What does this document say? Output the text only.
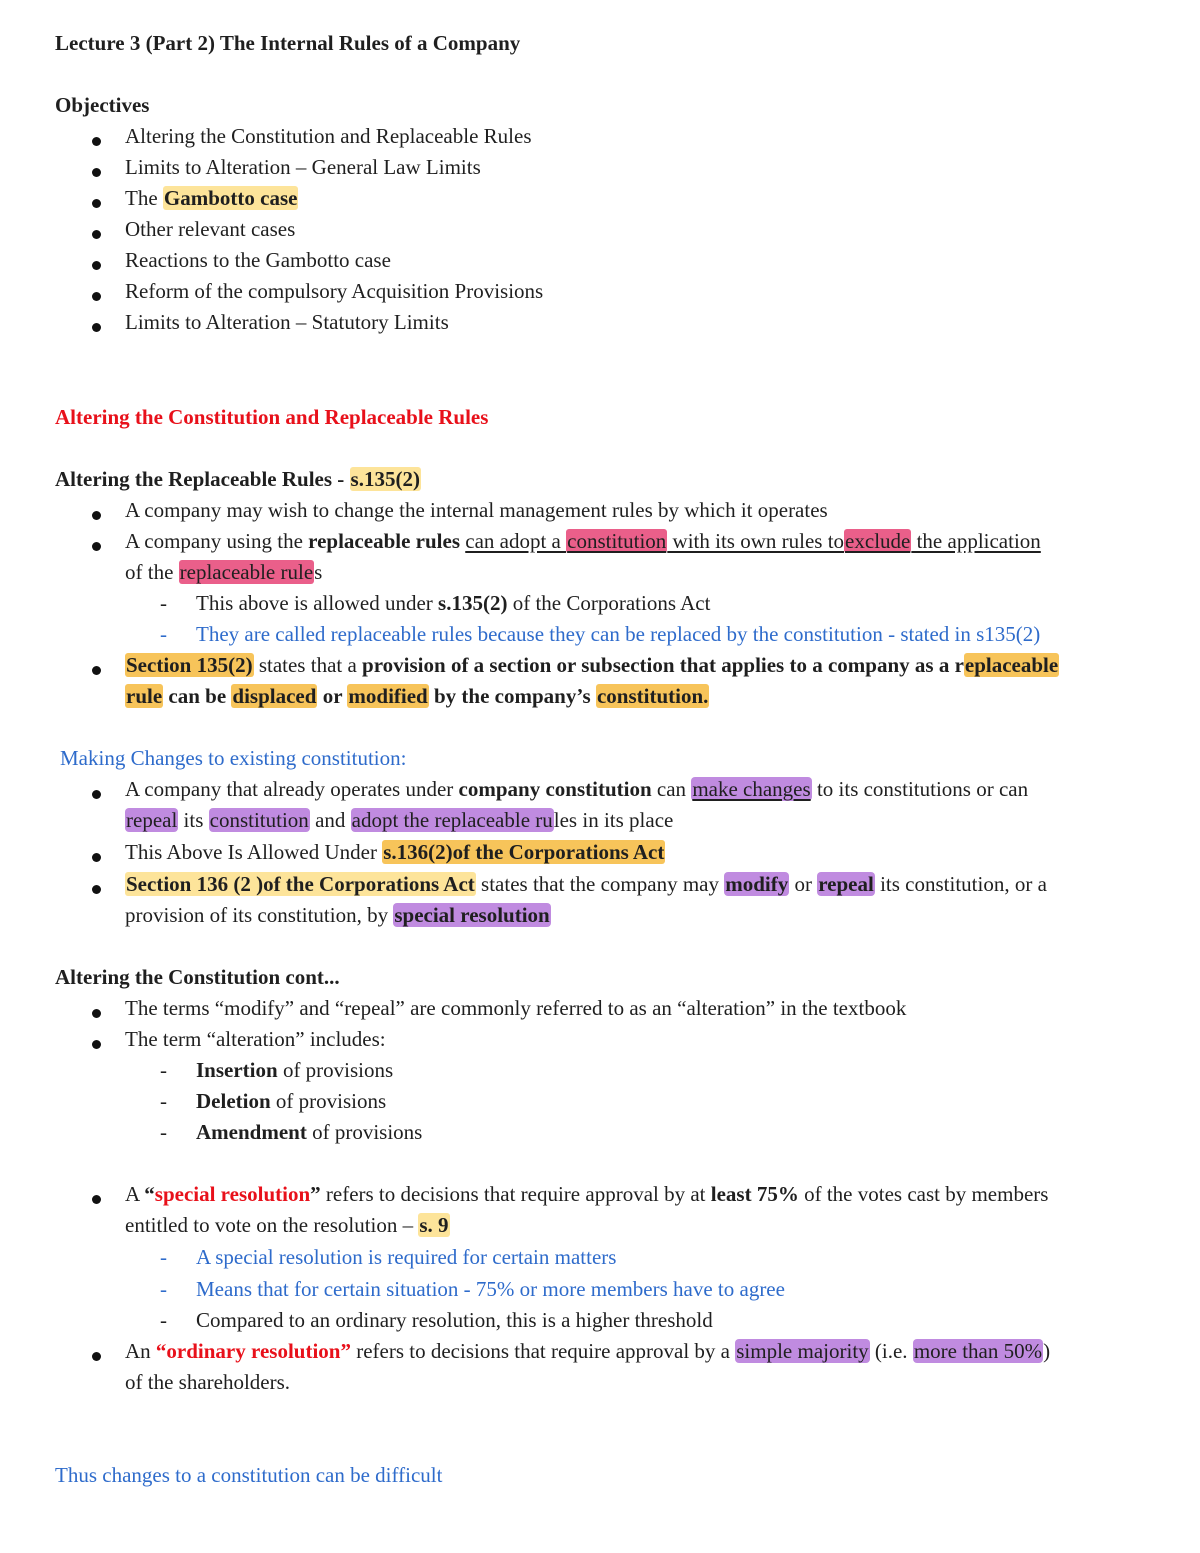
Lecture 3 (Part 2) The Internal Rules of a Company
Objectives
Altering the Constitution and Replaceable Rules
Limits to Alteration – General Law Limits
The Gambotto case
Other relevant cases
Reactions to the Gambotto case
Reform of the compulsory Acquisition Provisions
Limits to Alteration – Statutory Limits
Altering the Constitution and Replaceable Rules
Altering the Replaceable Rules - s.135(2)
A company may wish to change the internal management rules by which it operates
A company using the replaceable rules can adopt a constitution with its own rules toexclude the application
of the replaceable rules
- This above is allowed under s.135(2) of the Corporations Act
- They are called replaceable rules because they can be replaced by the constitution - stated in s135(2)
Section 135(2) states that a provision of a section or subsection that applies to a company as a replaceable
rule can be displaced or modified by the company’s constitution.
Making Changes to existing constitution:
A company that already operates under company constitution can make changes to its constitutions or can
repeal its constitution and adopt the replaceable rules in its place
This Above Is Allowed Under s.136(2)of the Corporations Act
Section 136 (2 )of the Corporations Act states that the company may modify or repeal its constitution, or a
provision of its constitution, by special resolution
Altering the Constitution cont...
The terms “modify” and “repeal” are commonly referred to as an “alteration” in the textbook
The term “alteration” includes:
- Insertion of provisions
- Deletion of provisions
- Amendment of provisions
A “special resolution” refers to decisions that require approval by at least 75% of the votes cast by members
entitled to vote on the resolution – s. 9
- A special resolution is required for certain matters
- Means that for certain situation - 75% or more members have to agree
- Compared to an ordinary resolution, this is a higher threshold
An “ordinary resolution” refers to decisions that require approval by a simple majority (i.e. more than 50%)
of the shareholders.
Thus changes to a constitution can be difficult
